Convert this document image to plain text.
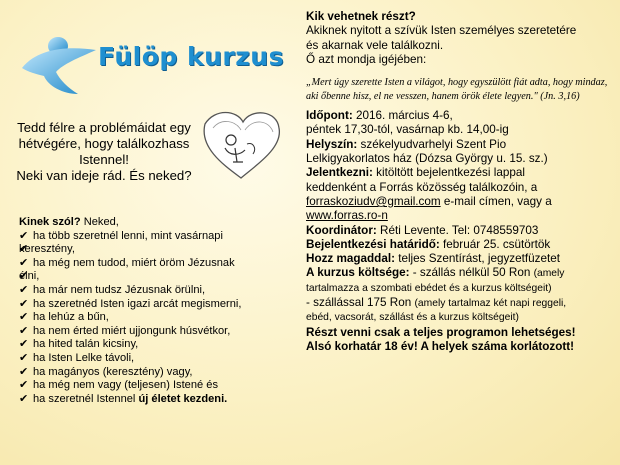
Fülöp kurzus
Tedd félre a problémáidat egy
hétvégére, hogy találkozhass
Istennel!
Neki van ideje rád. És neked?
Kinek szól? Neked,
✔ ha több szeretnél lenni, mint vasárnapi
✔ keresztény,
✔ ha még nem tudod, miért öröm Jézusnak
✔ élni,
✔ ha már nem tudsz Jézusnak örülni,
✔ ha szeretnéd Isten igazi arcát megismerni,
✔ ha lehúz a bűn,
✔ ha nem érted miért ujjongunk húsvétkor,
✔ ha hited talán kicsiny,
✔ ha Isten Lelke távoli,
✔ ha magányos (keresztény) vagy,
✔ ha még nem vagy (teljesen) Istené és
✔ ha szeretnél Istennel új életet kezdeni.
Kik vehetnek részt?
Akiknek nyitott a szívük Isten személyes szeretetére
és akarnak vele találkozni.
Ő azt mondja igéjében:
„Mert úgy szerette Isten a világot, hogy egyszülött fiát adta, hogy mindaz, aki őbenne hisz, el ne vesszen, hanem örök élete legyen." (Jn. 3,16)
Időpont: 2016. március 4-6,
péntek 17,30-tól, vasárnap kb. 14,00-ig
Helyszín: székelyudvarhelyi Szent Pio
Lelkigyakorlatos ház (Dózsa György u. 15. sz.)
Jelentkezni: kitöltött bejelentkezési lappal
keddenként a Forrás közösség találkozóin, a
forraskoziudv@gmail.com e-mail címen, vagy a
www.forras.ro-n
Koordinátor: Réti Levente. Tel: 0748559703
Bejelentkezési határidő: február 25. csütörtök
Hozz magaddal: teljes Szentírást, jegyzetfüzetet
A kurzus költsége: - szállás nélkül 50 Ron (amely
tartalmazza a szombati ebédet és a kurzus költségeit)
- szállással 175 Ron (amely tartalmaz két napi reggeli,
ebéd, vacsorát, szállást és a kurzus költségeit)
Részt venni csak a teljes programon lehetséges!
Alsó korhatár 18 év! A helyek száma korlátozott!
